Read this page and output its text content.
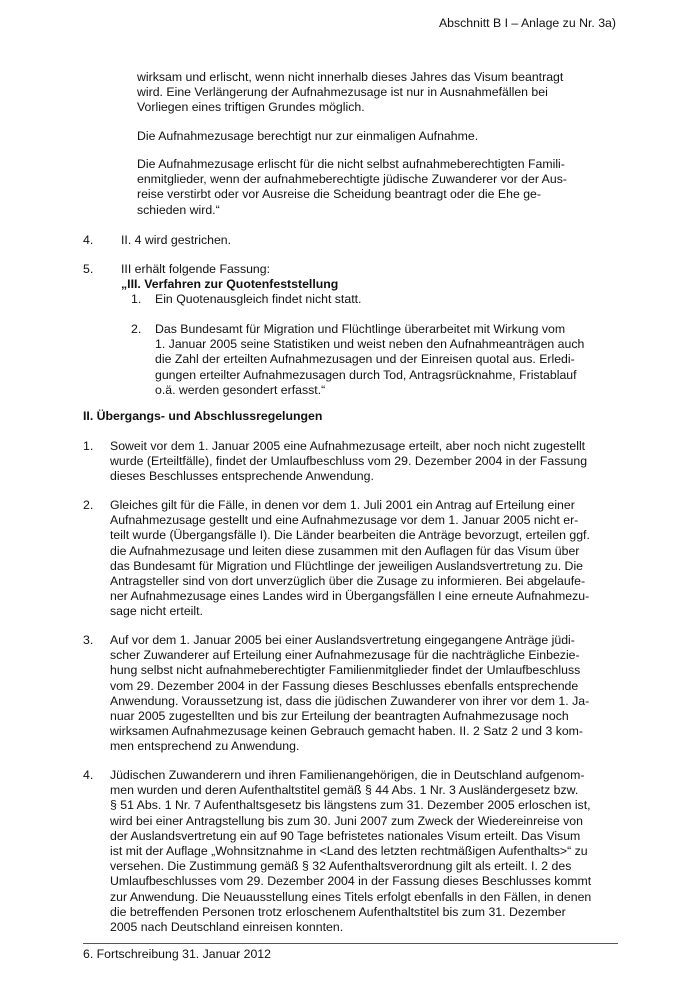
Abschnitt B I – Anlage zu Nr. 3a)
wirksam und erlischt, wenn nicht innerhalb dieses Jahres das Visum beantragt
wird. Eine Verlängerung der Aufnahmezusage ist nur in Ausnahmefällen bei
Vorliegen eines triftigen Grundes möglich.
Die Aufnahmezusage berechtigt nur zur einmaligen Aufnahme.
Die Aufnahmezusage erlischt für die nicht selbst aufnahmeberechtigten Famili-
enmitglieder, wenn der aufnahmeberechtigte jüdische Zuwanderer vor der Aus-
reise verstirbt oder vor Ausreise die Scheidung beantragt oder die Ehe ge-
schieden wird.“
4. II. 4 wird gestrichen.
5. III erhält folgende Fassung:
„III. Verfahren zur Quotenfeststellung
1. Ein Quotenausgleich findet nicht statt.
2. Das Bundesamt für Migration und Flüchtlinge überarbeitet mit Wirkung vom
1. Januar 2005 seine Statistiken und weist neben den Aufnahmeanträgen auch
die Zahl der erteilten Aufnahmezusagen und der Einreisen quotal aus. Erledi-
gungen erteilter Aufnahmezusagen durch Tod, Antragsrücknahme, Fristablauf
o.ä. werden gesondert erfasst.“
II. Übergangs- und Abschlussregelungen
1. Soweit vor dem 1. Januar 2005 eine Aufnahmezusage erteilt, aber noch nicht zugestellt
wurde (Erteiltfälle), findet der Umlaufbeschluss vom 29. Dezember 2004 in der Fassung
dieses Beschlusses entsprechende Anwendung.
2. Gleiches gilt für die Fälle, in denen vor dem 1. Juli 2001 ein Antrag auf Erteilung einer
Aufnahmezusage gestellt und eine Aufnahmezusage vor dem 1. Januar 2005 nicht er-
teilt wurde (Übergangsfälle I). Die Länder bearbeiten die Anträge bevorzugt, erteilen ggf.
die Aufnahmezusage und leiten diese zusammen mit den Auflagen für das Visum über
das Bundesamt für Migration und Flüchtlinge der jeweiligen Auslandsvertretung zu. Die
Antragsteller sind von dort unverzüglich über die Zusage zu informieren. Bei abgelaufe-
ner Aufnahmezusage eines Landes wird in Übergangsfällen I eine erneute Aufnahmezu-
sage nicht erteilt.
3. Auf vor dem 1. Januar 2005 bei einer Auslandsvertretung eingegangene Anträge jüdi-
scher Zuwanderer auf Erteilung einer Aufnahmezusage für die nachträgliche Einbezie-
hung selbst nicht aufnahmeberechtigter Familienmitglieder findet der Umlaufbeschluss
vom 29. Dezember 2004 in der Fassung dieses Beschlusses ebenfalls entsprechende
Anwendung. Voraussetzung ist, dass die jüdischen Zuwanderer von ihrer vor dem 1. Ja-
nuar 2005 zugestellten und bis zur Erteilung der beantragten Aufnahmezusage noch
wirksamen Aufnahmezusage keinen Gebrauch gemacht haben. II. 2 Satz 2 und 3 kom-
men entsprechend zu Anwendung.
4. Jüdischen Zuwanderern und ihren Familienangehörigen, die in Deutschland aufgenom-
men wurden und deren Aufenthaltstitel gemäß § 44 Abs. 1 Nr. 3 Ausländergesetz bzw.
§ 51 Abs. 1 Nr. 7 Aufenthaltsgesetz bis längstens zum 31. Dezember 2005 erloschen ist,
wird bei einer Antragstellung bis zum 30. Juni 2007 zum Zweck der Wiedereinreise von
der Auslandsvertretung ein auf 90 Tage befristetes nationales Visum erteilt. Das Visum
ist mit der Auflage „Wohnsitznahme in <Land des letzten rechtmäßigen Aufenthalts>“ zu
versehen. Die Zustimmung gemäß § 32 Aufenthaltsverordnung gilt als erteilt. I. 2 des
Umlaufbeschlusses vom 29. Dezember 2004 in der Fassung dieses Beschlusses kommt
zur Anwendung. Die Neuausstellung eines Titels erfolgt ebenfalls in den Fällen, in denen
die betreffenden Personen trotz erloschenem Aufenthaltstitel bis zum 31. Dezember
2005 nach Deutschland einreisen konnten.
6. Fortschreibung 31. Januar 2012
